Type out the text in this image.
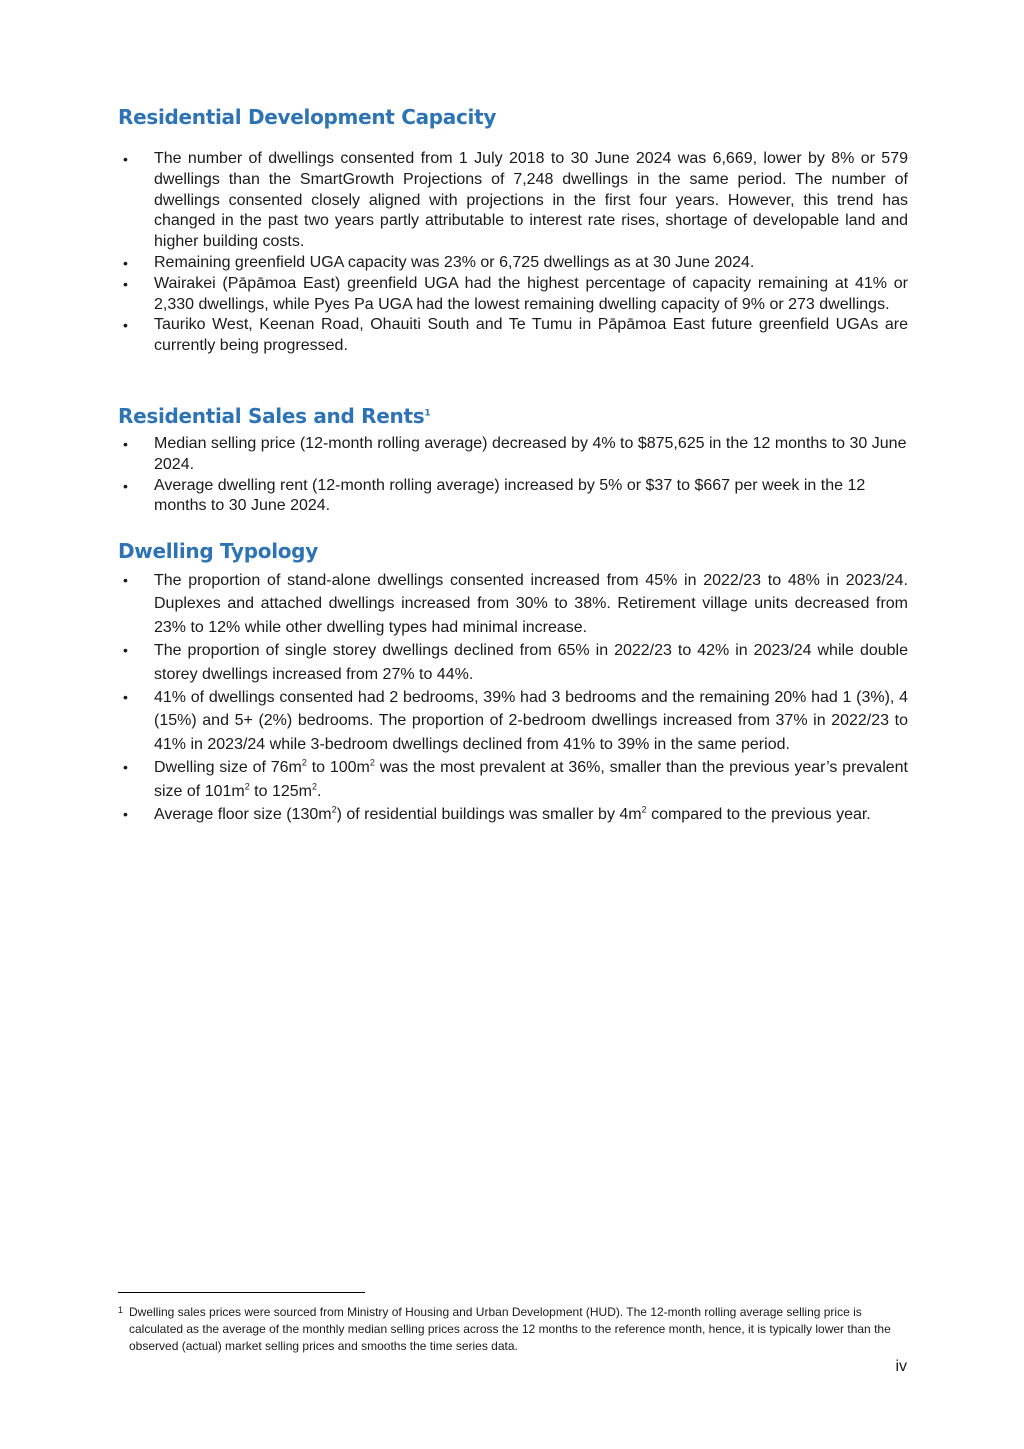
Residential Development Capacity
• The number of dwellings consented from 1 July 2018 to 30 June 2024 was 6,669, lower by 8% or 579 dwellings than the SmartGrowth Projections of 7,248 dwellings in the same period. The number of dwellings consented closely aligned with projections in the first four years. However, this trend has changed in the past two years partly attributable to interest rate rises, shortage of developable land and higher building costs.
• Remaining greenfield UGA capacity was 23% or 6,725 dwellings as at 30 June 2024.
• Wairakei (Pāpāmoa East) greenfield UGA had the highest percentage of capacity remaining at 41% or 2,330 dwellings, while Pyes Pa UGA had the lowest remaining dwelling capacity of 9% or 273 dwellings.
• Tauriko West, Keenan Road, Ohauiti South and Te Tumu in Pāpāmoa East future greenfield UGAs are currently being progressed.
Residential Sales and Rents$^1$
• Median selling price (12-month rolling average) decreased by 4% to $875,625 in the 12 months to 30 June 2024.
• Average dwelling rent (12-month rolling average) increased by 5% or $37 to $667 per week in the 12 months to 30 June 2024.
Dwelling Typology
• The proportion of stand-alone dwellings consented increased from 45% in 2022/23 to 48% in 2023/24. Duplexes and attached dwellings increased from 30% to 38%. Retirement village units decreased from 23% to 12% while other dwelling types had minimal increase.
• The proportion of single storey dwellings declined from 65% in 2022/23 to 42% in 2023/24 while double storey dwellings increased from 27% to 44%.
• 41% of dwellings consented had 2 bedrooms, 39% had 3 bedrooms and the remaining 20% had 1 (3%), 4 (15%) and 5+ (2%) bedrooms. The proportion of 2-bedroom dwellings increased from 37% in 2022/23 to 41% in 2023/24 while 3-bedroom dwellings declined from 41% to 39% in the same period.
• Dwelling size of $76m^2$ to $100m^2$ was the most prevalent at 36%, smaller than the previous year’s prevalent size of $101m^2$ to $125m^2$.
• Average floor size $(130m^2)$ of residential buildings was smaller by $4m^2$ compared to the previous year.
1 Dwelling sales prices were sourced from Ministry of Housing and Urban Development (HUD). The 12-month rolling average selling price is calculated as the average of the monthly median selling prices across the 12 months to the reference month, hence, it is typically lower than the observed (actual) market selling prices and smooths the time series data.
iv
